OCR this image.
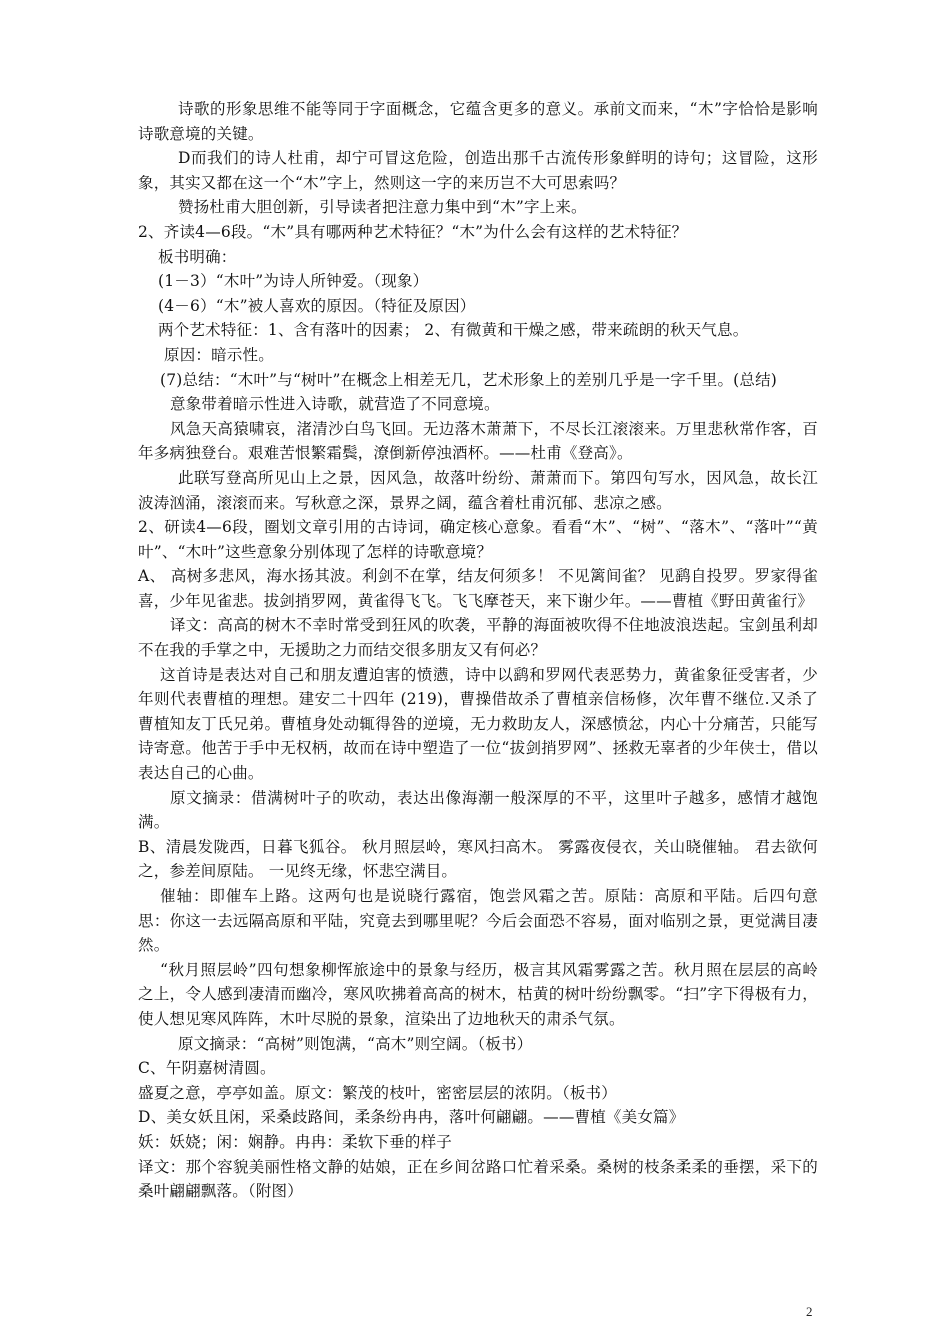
诗歌的形象思维不能等同于字面概念，它蕴含更多的意义。承前文而来，“木”字恰恰是影响诗歌意境的关键。

D而我们的诗人杜甫，却宁可冒这危险，创造出那千古流传形象鲜明的诗句；这冒险，这形象，其实又都在这一个“木”字上，然则这一字的来历岂不大可思索吗？

赞扬杜甫大胆创新，引导读者把注意力集中到“木”字上来。

2、齐读4—6段。“木”具有哪两种艺术特征？“木”为什么会有这样的艺术特征？

板书明确：

(1－3）“木叶”为诗人所钟爱。（现象）

(4－6）“木”被人喜欢的原因。（特征及原因）

两个艺术特征：1、含有落叶的因素； 2、有微黄和干燥之感，带来疏朗的秋天气息。

原因：暗示性。

(7)总结：“木叶”与“树叶”在概念上相差无几，艺术形象上的差别几乎是一字千里。(总结)

意象带着暗示性进入诗歌，就营造了不同意境。

风急天高猿啸哀，渚清沙白鸟飞回。无边落木萧萧下，不尽长江滚滚来。万里悲秋常作客，百年多病独登台。艰难苦恨繁霜鬓，潦倒新停浊酒杯。——杜甫《登高》。

此联写登高所见山上之景，因风急，故落叶纷纷、萧萧而下。第四句写水，因风急，故长江波涛汹涌，滚滚而来。写秋意之深，景界之阔，蕴含着杜甫沉郁、悲凉之感。

2、研读4—6段，圈划文章引用的古诗词，确定核心意象。看看“木”、“树”、“落木”、“落叶”“黄叶”、“木叶”这些意象分别体现了怎样的诗歌意境？

A、 高树多悲风，海水扬其波。利剑不在掌，结友何须多！ 不见篱间雀？ 见鹞自投罗。罗家得雀喜，少年见雀悲。拔剑捎罗网，黄雀得飞飞。飞飞摩苍天，来下谢少年。——曹植《野田黄雀行》

译文：高高的树木不幸时常受到狂风的吹袭，平静的海面被吹得不住地波浪迭起。宝剑虽利却不在我的手掌之中，无援助之力而结交很多朋友又有何必？

这首诗是表达对自己和朋友遭迫害的愤懑，诗中以鹞和罗网代表恶势力，黄雀象征受害者，少年则代表曹植的理想。建安二十四年 (219)，曹操借故杀了曹植亲信杨修，次年曹不继位.又杀了曹植知友丁氏兄弟。曹植身处动辄得咎的逆境，无力救助友人，深感愤忿，内心十分痛苦，只能写诗寄意。他苦于手中无权柄，故而在诗中塑造了一位“拔剑捎罗网”、拯救无辜者的少年侠士，借以表达自己的心曲。

原文摘录：借满树叶子的吹动，表达出像海潮一般深厚的不平，这里叶子越多，感情才越饱满。

B、清晨发陇西，日暮飞狐谷。 秋月照层岭，寒风扫高木。 雾露夜侵衣，关山晓催轴。 君去欲何之，参差间原陆。 一见终无缘，怀悲空满目。

催轴：即催车上路。这两句也是说晓行露宿，饱尝风霜之苦。原陆：高原和平陆。后四句意思：你这一去远隔高原和平陆，究竟去到哪里呢？今后会面恐不容易，面对临别之景，更觉满目凄然。

“秋月照层岭”四句想象柳恽旅途中的景象与经历，极言其风霜雾露之苦。秋月照在层层的高岭之上，令人感到凄清而幽冷，寒风吹拂着高高的树木，枯黄的树叶纷纷飘零。“扫”字下得极有力，使人想见寒风阵阵，木叶尽脱的景象，渲染出了边地秋天的肃杀气氛。

原文摘录：“高树”则饱满，“高木”则空阔。（板书）

C、午阴嘉树清圆。

盛夏之意，亭亭如盖。原文：繁茂的枝叶，密密层层的浓阴。（板书）

D、美女妖且闲，采桑歧路间，柔条纷冉冉，落叶何翩翩。——曹植《美女篇》

妖：妖娆；闲：娴静。冉冉：柔软下垂的样子

译文：那个容貌美丽性格文静的姑娘，正在乡间岔路口忙着采桑。桑树的枝条柔柔的垂摆，采下的桑叶翩翩飘落。（附图）

2
